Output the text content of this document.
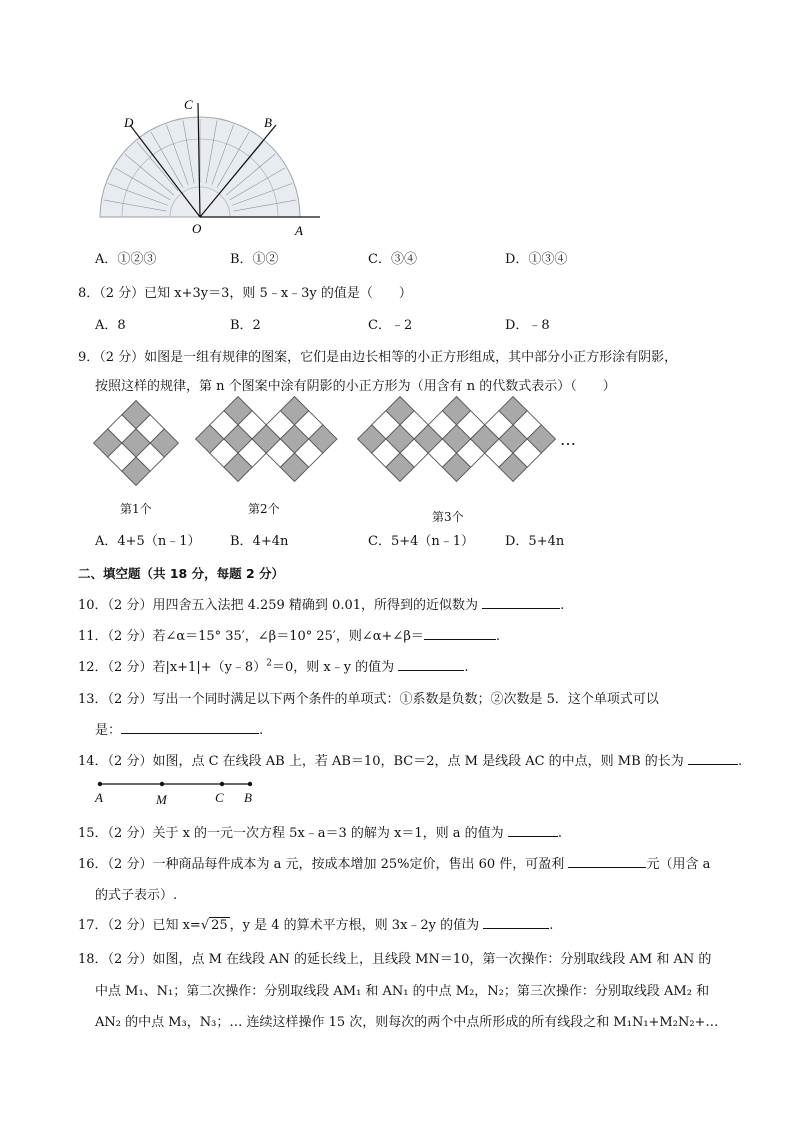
D
C
B
O	A
A．①②③	B．①②	C．③④	D．①③④
8．（2 分）已知 x+3y＝3，则 5﹣x﹣3y 的值是（　　）
A．8	B．2	C．﹣2	D．﹣8
9．（2 分）如图是一组有规律的图案，它们是由边长相等的小正方形组成，其中部分小正方形涂有阴影，
按照这样的规律，第 n 个图案中涂有阴影的小正方形为（用含有 n 的代数式表示）（　　）
…
第1个	第2个
第3个
A．4+5（n﹣1） B．4+4n	C．5+4（n﹣1） D．5+4n
二、填空题（共 18 分，每题 2 分）
10．（2 分）用四舍五入法把 4.259 精确到 0.01，所得到的近似数为	.
11．（2 分）若∠α＝15° 35′，∠β＝10° 25′，则∠α+∠β＝	.
12．（2 分）若|x+1|+（y﹣8）$^2$＝0，则 x﹣y 的值为	.
13．（2 分）写出一个同时满足以下两个条件的单项式：①系数是负数；②次数是 5．这个单项式可以
是：	.
14．（2 分）如图，点 C 在线段 AB 上，若 AB＝10，BC＝2，点 M 是线段 AC 的中点，则 MB 的长为	.
A	M	C B
15．（2 分）关于 x 的一元一次方程 5x﹣a＝3 的解为 x＝1，则 a 的值为	.
16．（2 分）一种商品每件成本为 a 元，按成本增加 25%定价，售出 60 件，可盈利	元（用含 a
的式子表示）.
17．（2 分）已知 x=√ 25 ，y 是 4 的算术平方根，则 3x﹣2y 的值为	.
18．（2 分）如图，点 M 在线段 AN 的延长线上，且线段 MN＝10，第一次操作：分别取线段 AM 和 AN 的
中点 M₁、N₁；第二次操作：分别取线段 AM₁ 和 AN₁ 的中点 M₂，N₂；第三次操作：分别取线段 AM₂ 和
AN₂ 的中点 M₃，N₃；… 连续这样操作 15 次，则每次的两个中点所形成的所有线段之和 M₁N₁+M₂N₂+…
